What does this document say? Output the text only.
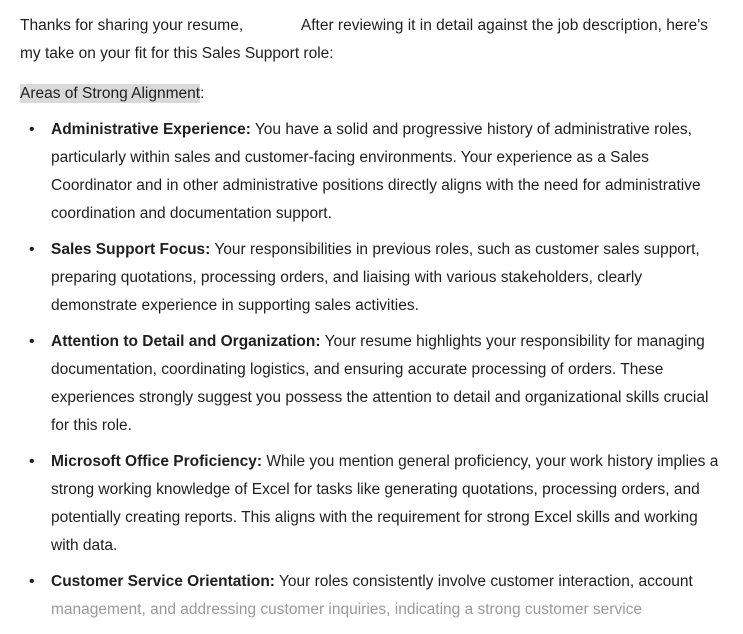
Thanks for sharing your resume,	After reviewing it in detail against the job description, here's my take on your fit for this Sales Support role:

Areas of Strong Alignment:

• Administrative Experience: You have a solid and progressive history of administrative roles, particularly within sales and customer-facing environments. Your experience as a Sales Coordinator and in other administrative positions directly aligns with the need for administrative coordination and documentation support.
• Sales Support Focus: Your responsibilities in previous roles, such as customer sales support, preparing quotations, processing orders, and liaising with various stakeholders, clearly demonstrate experience in supporting sales activities.
• Attention to Detail and Organization: Your resume highlights your responsibility for managing documentation, coordinating logistics, and ensuring accurate processing of orders. These experiences strongly suggest you possess the attention to detail and organizational skills crucial for this role.
• Microsoft Office Proficiency: While you mention general proficiency, your work history implies a strong working knowledge of Excel for tasks like generating quotations, processing orders, and potentially creating reports. This aligns with the requirement for strong Excel skills and working with data.
• Customer Service Orientation: Your roles consistently involve customer interaction, account management, and addressing customer inquiries, indicating a strong customer service
